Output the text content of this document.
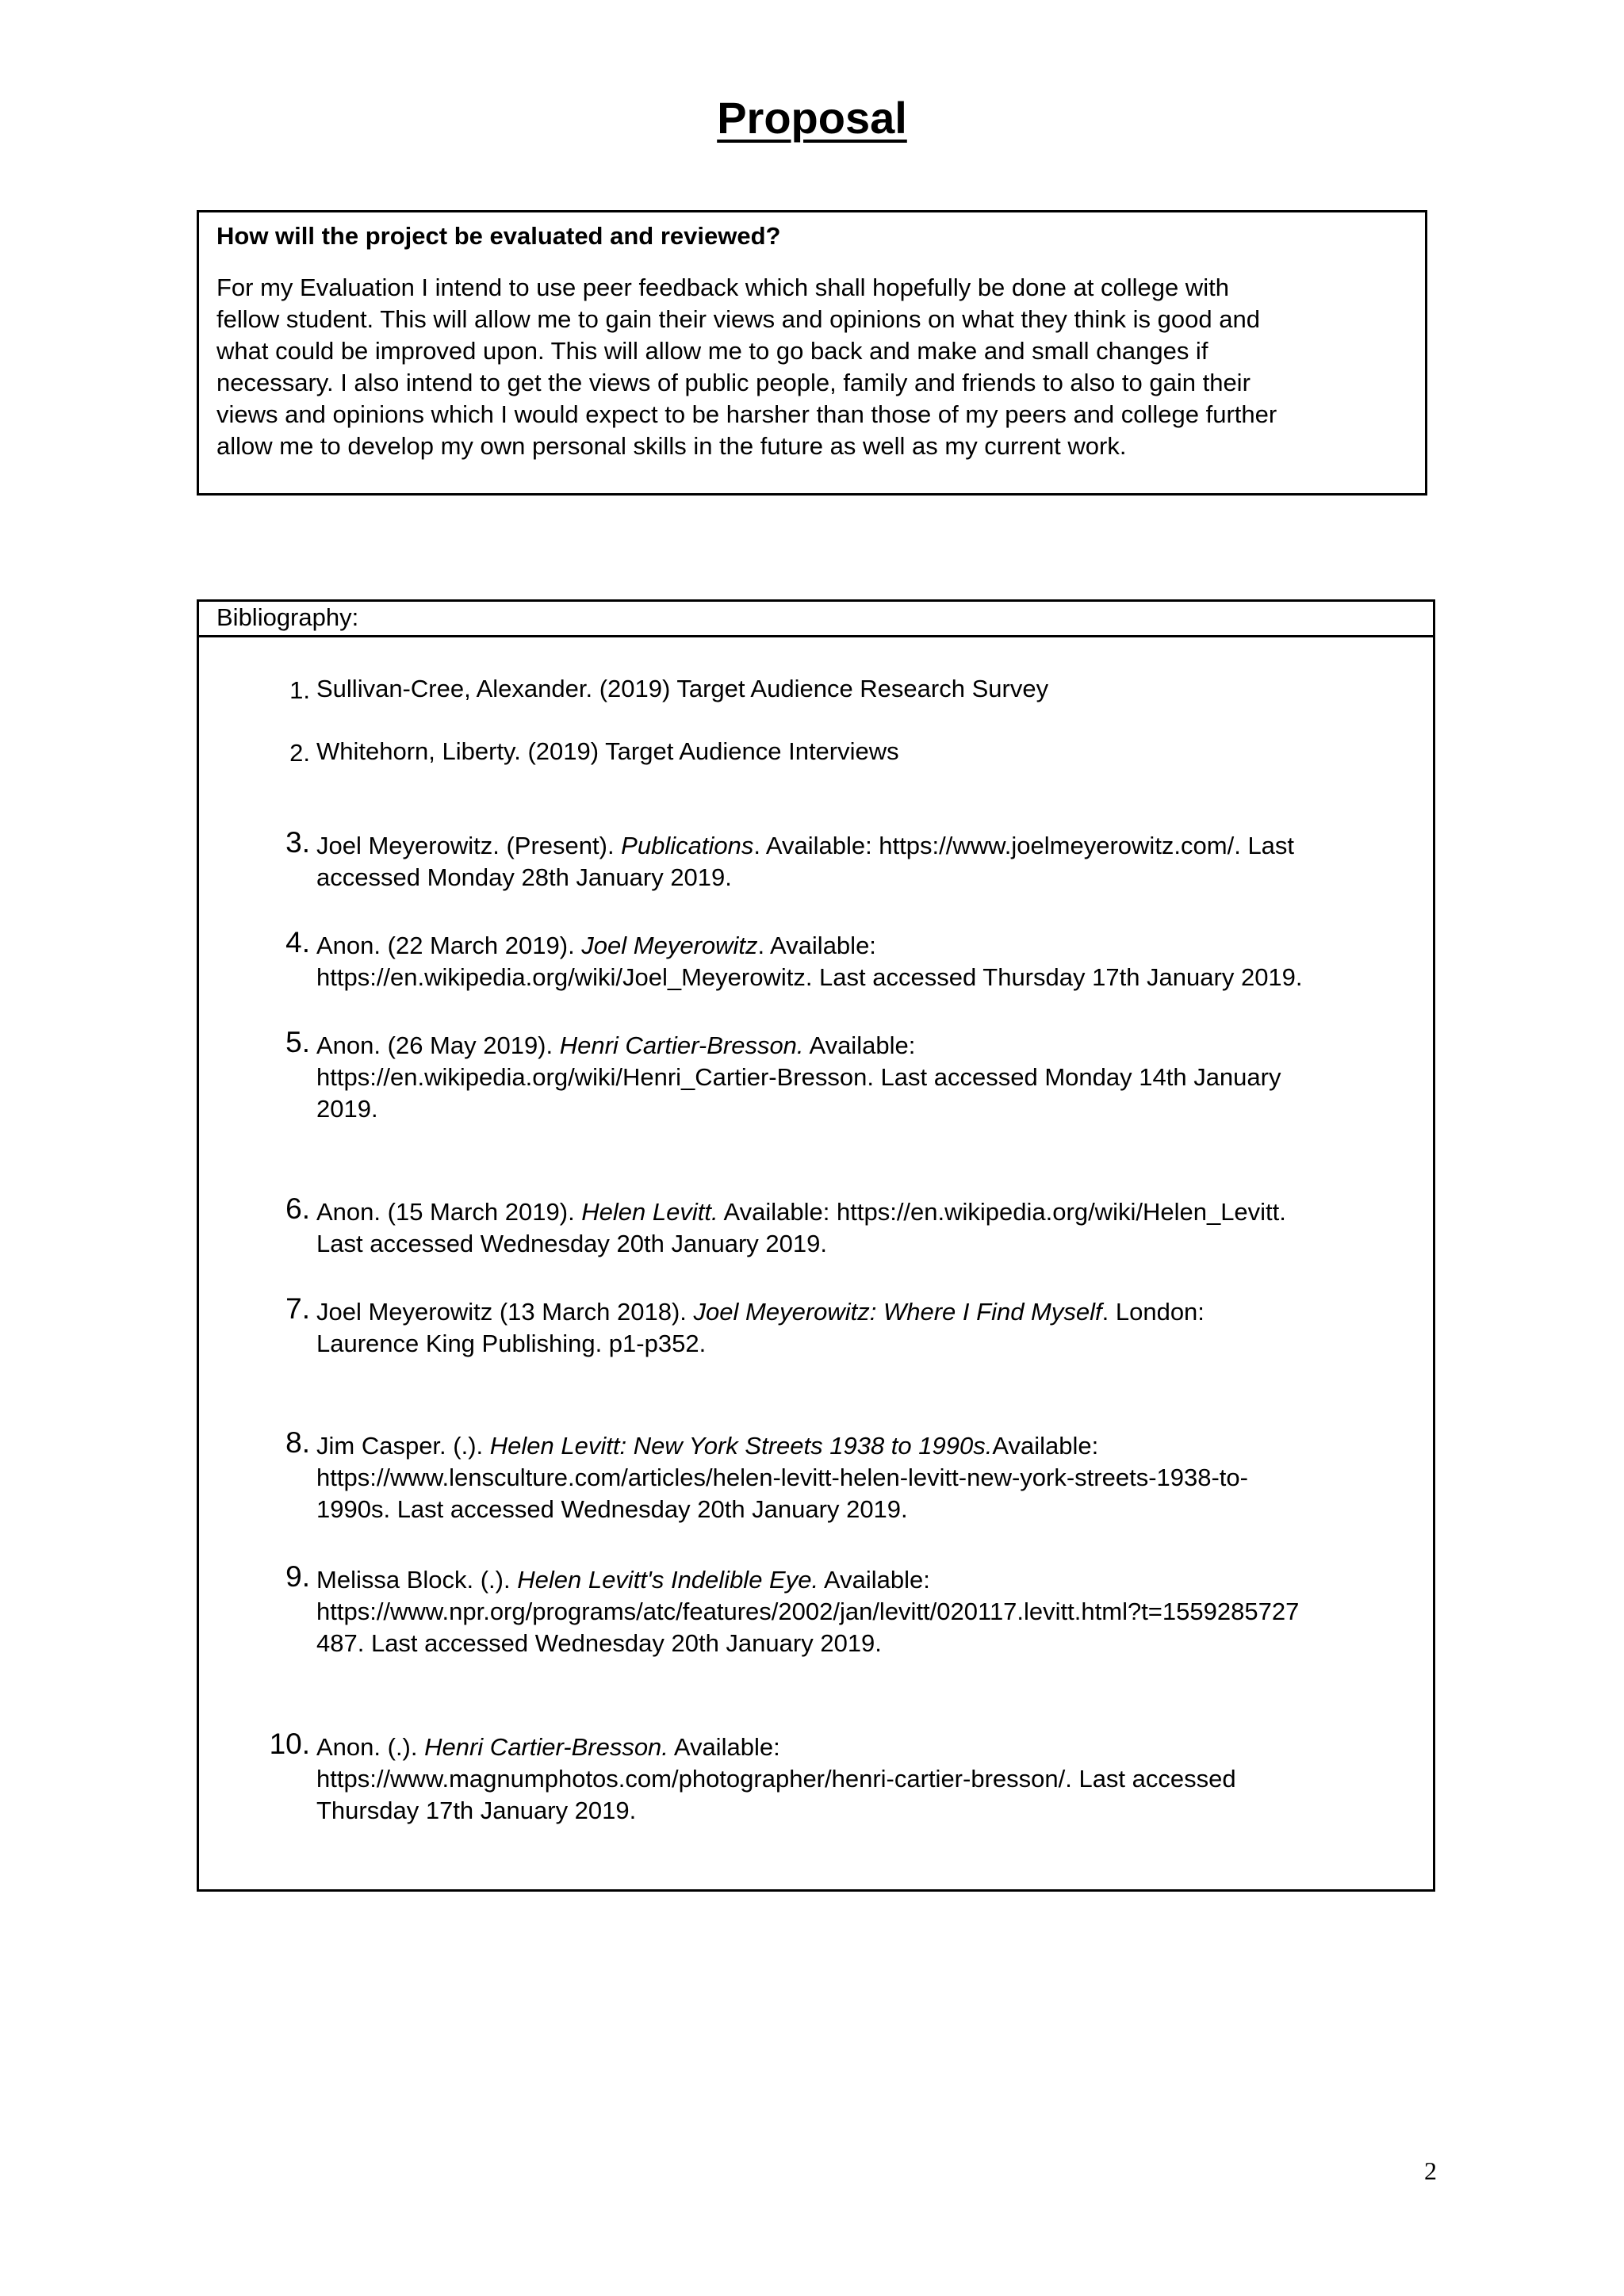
Proposal

How will the project be evaluated and reviewed?

For my Evaluation I intend to use peer feedback which shall hopefully be done at college with
fellow student. This will allow me to gain their views and opinions on what they think is good and
what could be improved upon. This will allow me to go back and make and small changes if
necessary. I also intend to get the views of public people, family and friends to also to gain their
views and opinions which I would expect to be harsher than those of my peers and college further
allow me to develop my own personal skills in the future as well as my current work.

Bibliography:
1. Sullivan-Cree, Alexander. (2019) Target Audience Research Survey
2. Whitehorn, Liberty. (2019) Target Audience Interviews
3. Joel Meyerowitz. (Present). Publications. Available: https://www.joelmeyerowitz.com/. Last
accessed Monday 28th January 2019.
4. Anon. (22 March 2019). Joel Meyerowitz. Available:
https://en.wikipedia.org/wiki/Joel_Meyerowitz. Last accessed Thursday 17th January 2019.
5. Anon. (26 May 2019). Henri Cartier-Bresson. Available:
https://en.wikipedia.org/wiki/Henri_Cartier-Bresson. Last accessed Monday 14th January
2019.
6. Anon. (15 March 2019). Helen Levitt. Available: https://en.wikipedia.org/wiki/Helen_Levitt.
Last accessed Wednesday 20th January 2019.
7. Joel Meyerowitz (13 March 2018). Joel Meyerowitz: Where I Find Myself. London:
Laurence King Publishing. p1-p352.
8. Jim Casper. (.). Helen Levitt: New York Streets 1938 to 1990s.Available:
https://www.lensculture.com/articles/helen-levitt-helen-levitt-new-york-streets-1938-to-
1990s. Last accessed Wednesday 20th January 2019.
9. Melissa Block. (.). Helen Levitt's Indelible Eye. Available:
https://www.npr.org/programs/atc/features/2002/jan/levitt/020117.levitt.html?t=1559285727
487. Last accessed Wednesday 20th January 2019.
10. Anon. (.). Henri Cartier-Bresson. Available:
https://www.magnumphotos.com/photographer/henri-cartier-bresson/. Last accessed
Thursday 17th January 2019.
2
